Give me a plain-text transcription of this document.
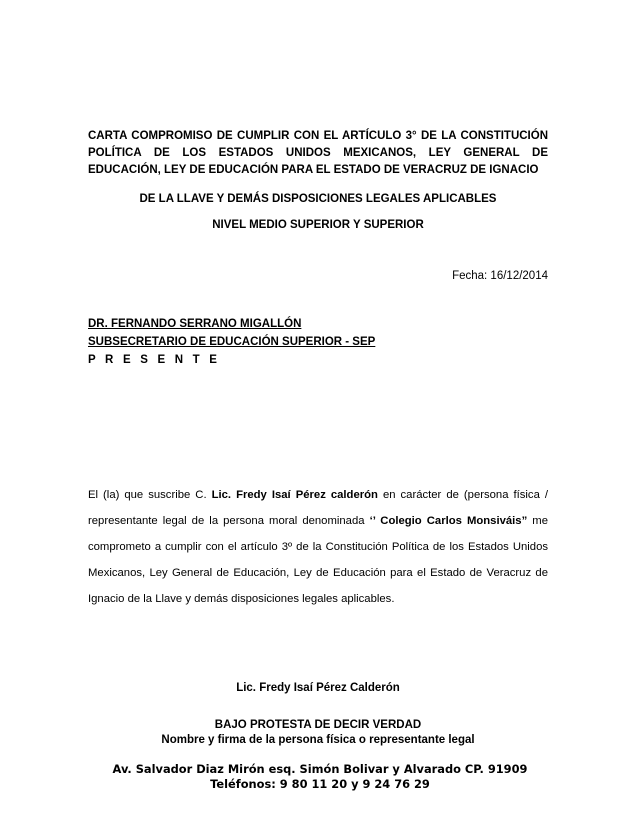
CARTA COMPROMISO DE CUMPLIR CON EL ARTÍCULO 3° DE LA CONSTITUCIÓN POLÍTICA DE LOS ESTADOS UNIDOS MEXICANOS, LEY GENERAL DE EDUCACIÓN, LEY DE EDUCACIÓN PARA EL ESTADO DE VERACRUZ DE IGNACIO
DE LA LLAVE Y DEMÁS DISPOSICIONES LEGALES APLICABLES
NIVEL MEDIO SUPERIOR Y SUPERIOR
Fecha: 16/12/2014
DR. FERNANDO SERRANO MIGALLÓN
SUBSECRETARIO DE EDUCACIÓN SUPERIOR - SEP
P R E S E N T E
El (la) que suscribe C. Lic. Fredy Isaí Pérez calderón en carácter de (persona física / representante legal de la persona moral denominada ‘’ Colegio Carlos Monsiváis” me comprometo a cumplir con el artículo 3º de la Constitución Política de los Estados Unidos Mexicanos, Ley General de Educación, Ley de Educación para el Estado de Veracruz de Ignacio de la Llave y demás disposiciones legales aplicables.
Lic. Fredy Isaí Pérez Calderón
BAJO PROTESTA DE DECIR VERDAD
Nombre y firma de la persona física o representante legal
Av. Salvador Diaz Mirón esq. Simón Bolivar y Alvarado CP. 91909
Teléfonos: 9 80 11 20 y 9 24 76 29
